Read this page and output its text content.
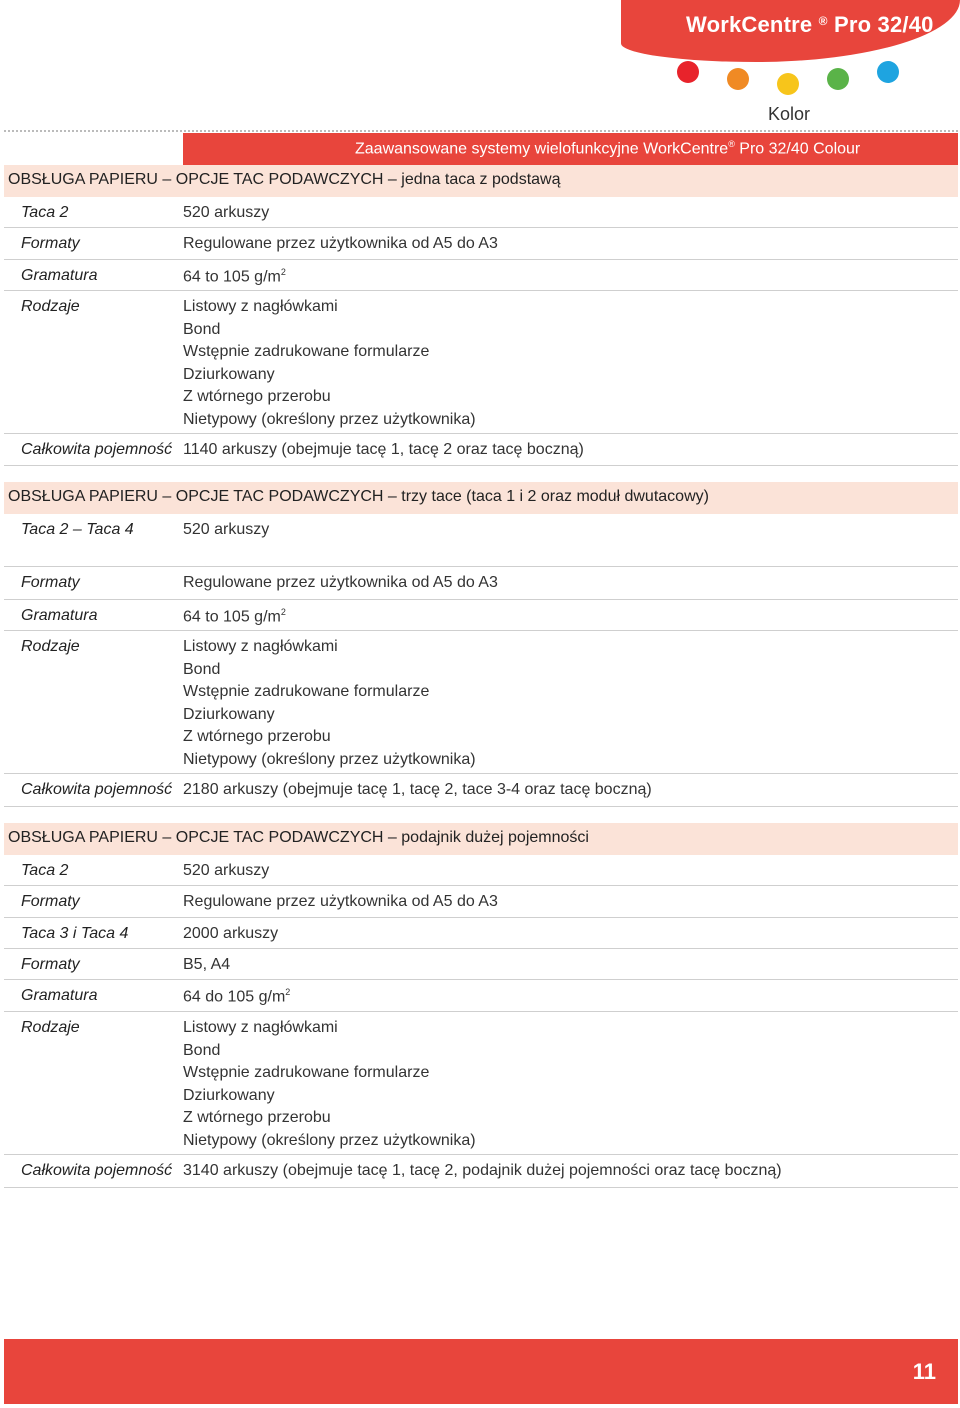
WorkCentre ® Pro 32/40
Kolor
Zaawansowane systemy wielofunkcyjne WorkCentre® Pro 32/40 Colour
OBSŁUGA PAPIERU – OPCJE TAC PODAWCZYCH – jedna taca z podstawą
Taca 2	520 arkuszy
Formaty	Regulowane przez użytkownika od A5 do A3
Gramatura	64 to 105 $g/m^2$
Rodzaje	Listowy z nagłówkami
Bond
Wstępnie zadrukowane formularze
Dziurkowany
Z wtórnego przerobu
Nietypowy (określony przez użytkownika)
Całkowita pojemność 1140 arkuszy (obejmuje tacę 1, tacę 2 oraz tacę boczną)
OBSŁUGA PAPIERU – OPCJE TAC PODAWCZYCH – trzy tace (taca 1 i 2 oraz moduł dwutacowy)
Taca 2 – Taca 4	520 arkuszy
Formaty	Regulowane przez użytkownika od A5 do A3
Gramatura	64 to 105 $g/m^2$
Rodzaje	Listowy z nagłówkami
Bond
Wstępnie zadrukowane formularze
Dziurkowany
Z wtórnego przerobu
Nietypowy (określony przez użytkownika)
Całkowita pojemność 2180 arkuszy (obejmuje tacę 1, tacę 2, tace 3-4 oraz tacę boczną)
OBSŁUGA PAPIERU – OPCJE TAC PODAWCZYCH – podajnik dużej pojemności
Taca 2	520 arkuszy
Formaty	Regulowane przez użytkownika od A5 do A3
Taca 3 i Taca 4	2000 arkuszy
Formaty	B5, A4
Gramatura	64 do 105 $g/m^2$
Rodzaje	Listowy z nagłówkami
Bond
Wstępnie zadrukowane formularze
Dziurkowany
Z wtórnego przerobu
Nietypowy (określony przez użytkownika)
Całkowita pojemność 3140 arkuszy (obejmuje tacę 1, tacę 2, podajnik dużej pojemności oraz tacę boczną)
11
